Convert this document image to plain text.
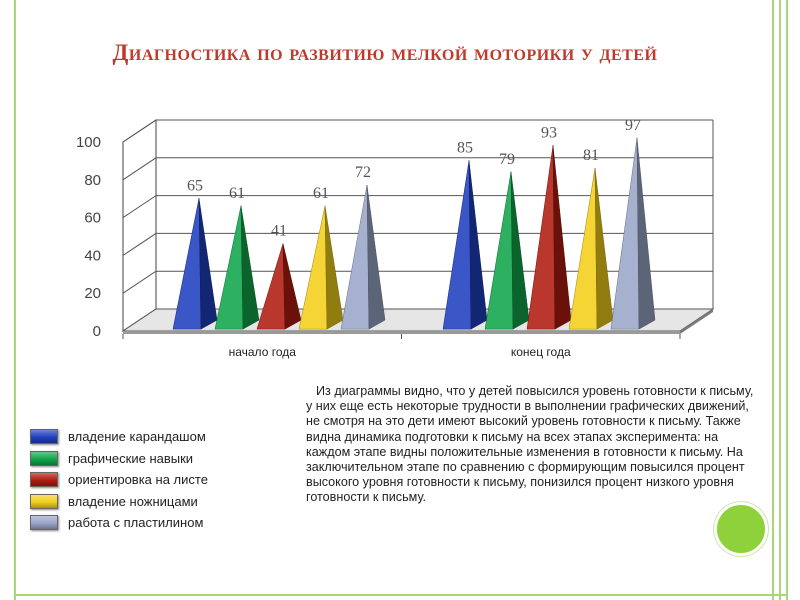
Диагностика по развитию мелкой моторики у детей
0
20
40
60
80
100
начало года	конец года
65 61
41
61
72
85
79
93
81
97
владение карандашом
графические навыки
ориентировка на листе
владение ножницами
работа с пластилином
Из диаграммы видно, что у детей повысился уровень готовности к письму, у них еще есть некоторые трудности в выполнении графических движений, не смотря на это дети имеют высокий уровень готовности к письму. Также видна динамика подготовки к письму на всех этапах эксперимента: на каждом этапе видны положительные изменения в готовности к письму. На заключительном этапе по сравнению с формирующим повысился процент высокого уровня готовности к письму, понизился процент низкого уровня готовности к письму.
